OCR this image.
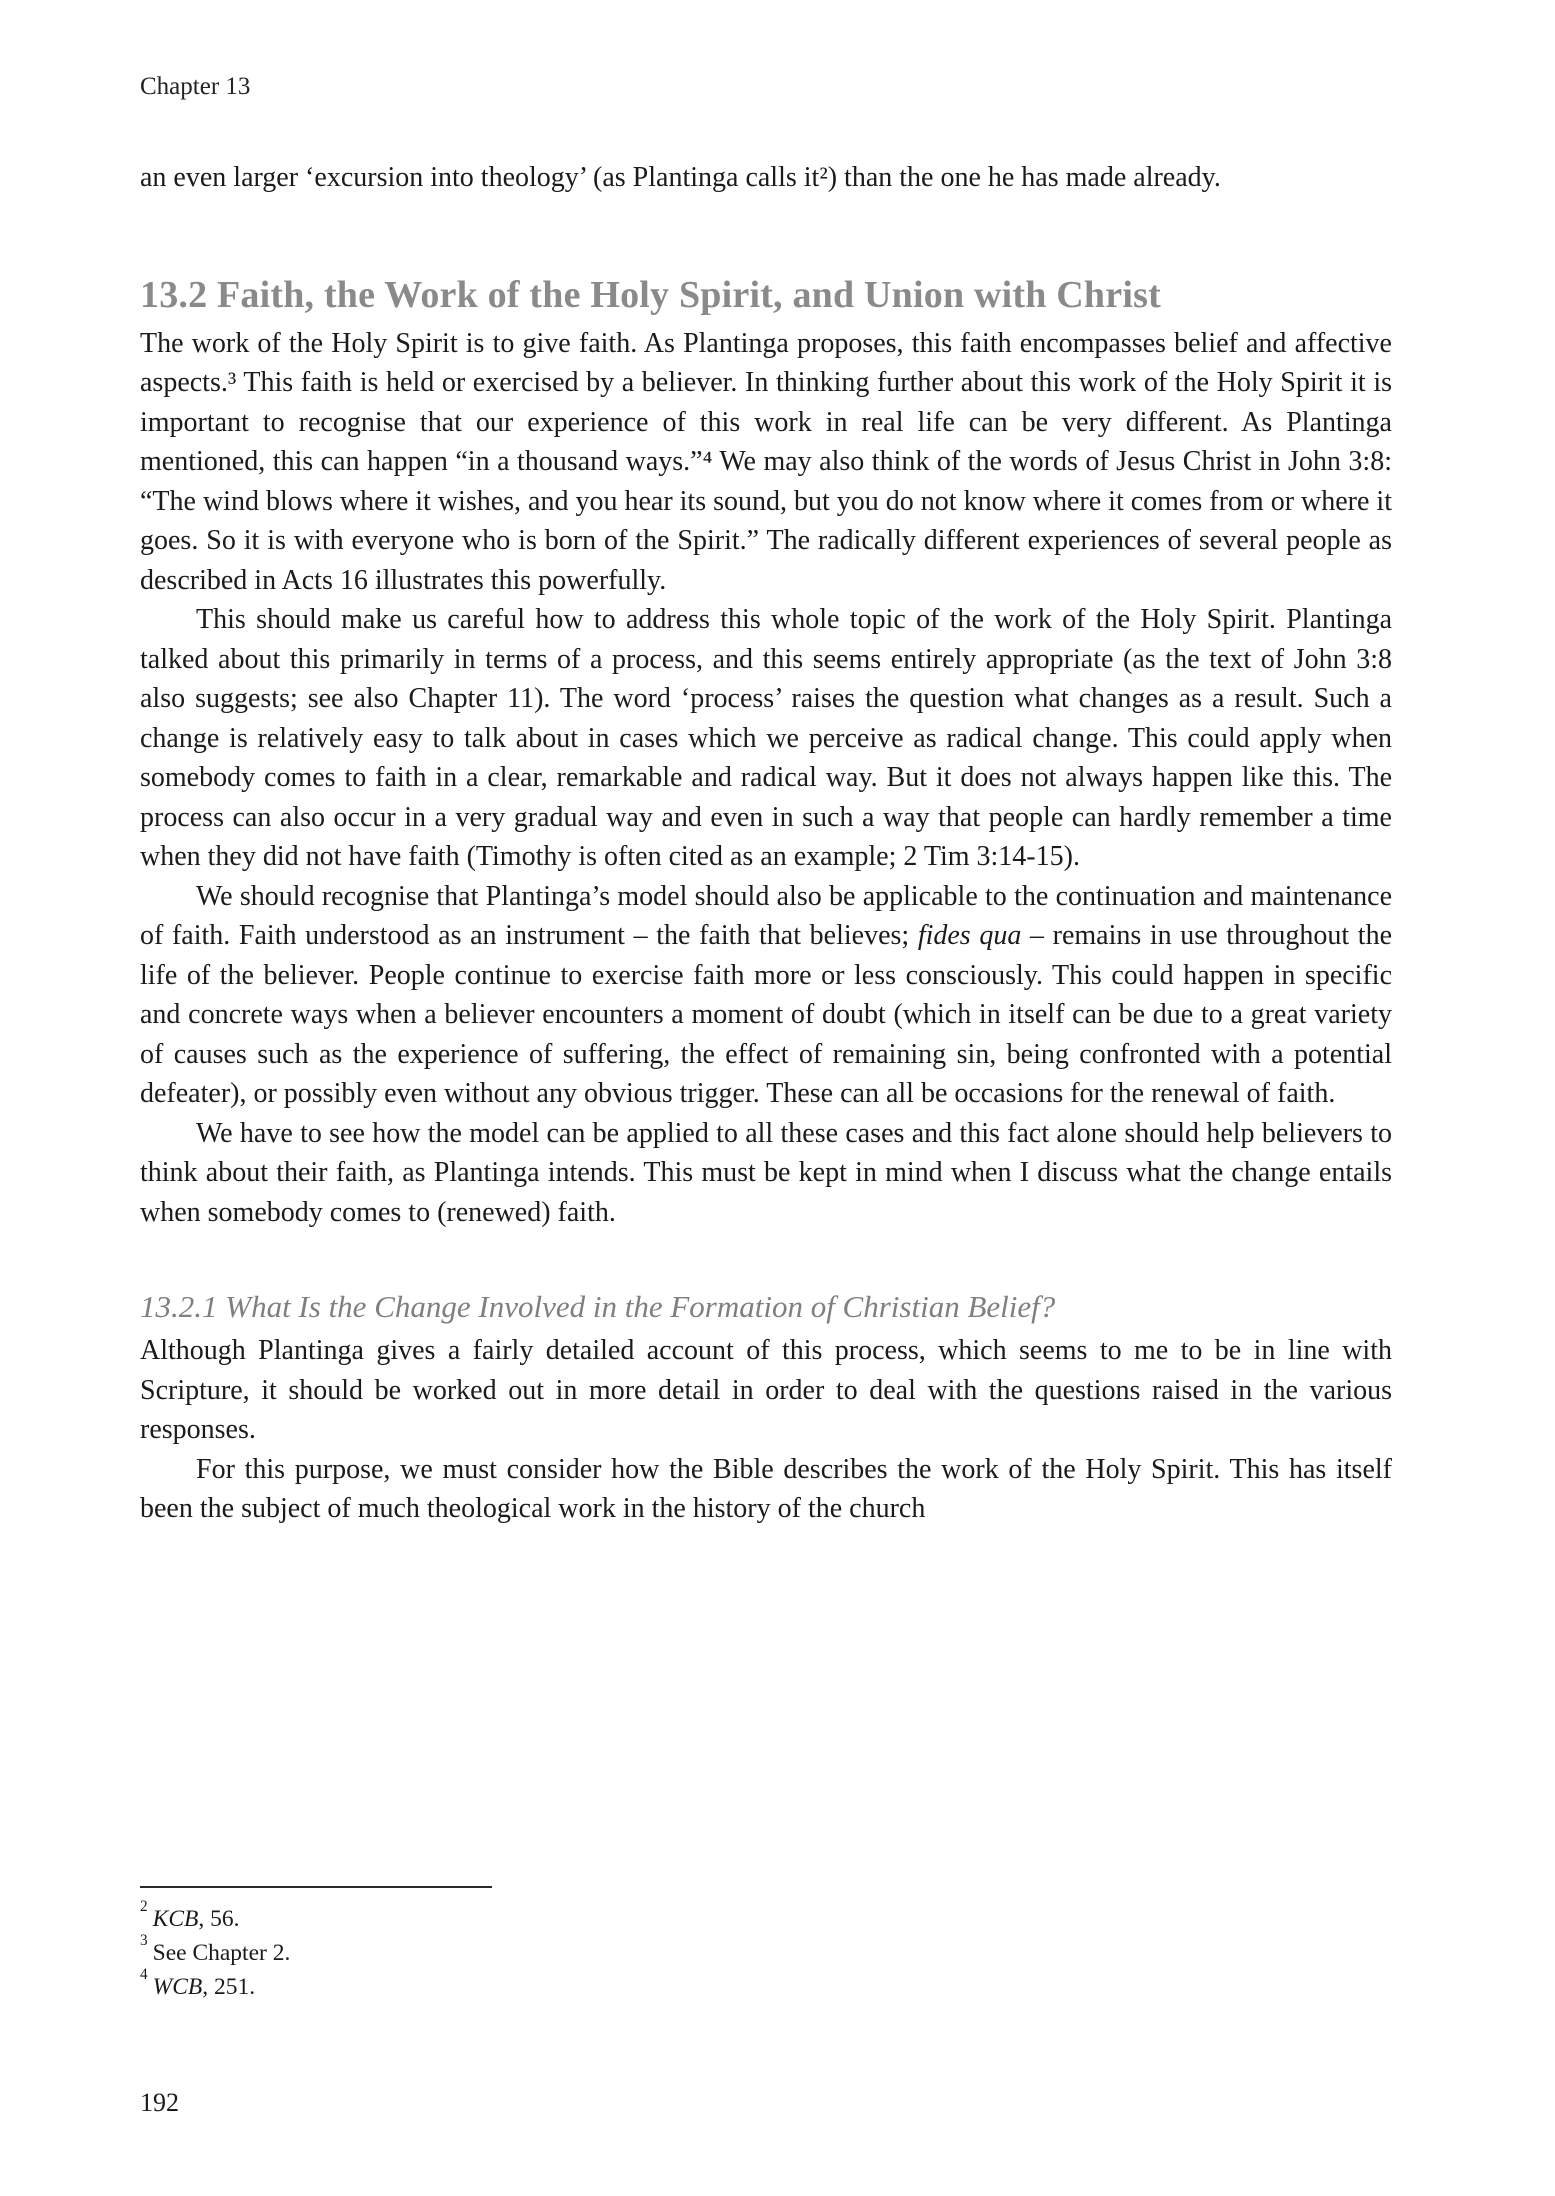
Chapter 13

an even larger ‘excursion into theology’ (as Plantinga calls it²) than the one he has made already.

13.2 Faith, the Work of the Holy Spirit, and Union with Christ

The work of the Holy Spirit is to give faith. As Plantinga proposes, this faith encompasses belief and affective aspects.³ This faith is held or exercised by a believer. In thinking further about this work of the Holy Spirit it is important to recognise that our experience of this work in real life can be very different. As Plantinga mentioned, this can happen “in a thousand ways.”⁴ We may also think of the words of Jesus Christ in John 3:8: “The wind blows where it wishes, and you hear its sound, but you do not know where it comes from or where it goes. So it is with everyone who is born of the Spirit.” The radically different experiences of several people as described in Acts 16 illustrates this powerfully.

This should make us careful how to address this whole topic of the work of the Holy Spirit. Plantinga talked about this primarily in terms of a process, and this seems entirely appropriate (as the text of John 3:8 also suggests; see also Chapter 11). The word ‘process’ raises the question what changes as a result. Such a change is relatively easy to talk about in cases which we perceive as radical change. This could apply when somebody comes to faith in a clear, remarkable and radical way. But it does not always happen like this. The process can also occur in a very gradual way and even in such a way that people can hardly remember a time when they did not have faith (Timothy is often cited as an example; 2 Tim 3:14-15).

We should recognise that Plantinga’s model should also be applicable to the continuation and maintenance of faith. Faith understood as an instrument – the faith that believes; fides qua – remains in use throughout the life of the believer. People continue to exercise faith more or less consciously. This could happen in specific and concrete ways when a believer encounters a moment of doubt (which in itself can be due to a great variety of causes such as the experience of suffering, the effect of remaining sin, being confronted with a potential defeater), or possibly even without any obvious trigger. These can all be occasions for the renewal of faith.

We have to see how the model can be applied to all these cases and this fact alone should help believers to think about their faith, as Plantinga intends. This must be kept in mind when I discuss what the change entails when somebody comes to (renewed) faith.

13.2.1 What Is the Change Involved in the Formation of Christian Belief?

Although Plantinga gives a fairly detailed account of this process, which seems to me to be in line with Scripture, it should be worked out in more detail in order to deal with the questions raised in the various responses.

For this purpose, we must consider how the Bible describes the work of the Holy Spirit. This has itself been the subject of much theological work in the history of the church

$^2$ KCB, 56.
$^3$ See Chapter 2.
$^4$ WCB, 251.
192
